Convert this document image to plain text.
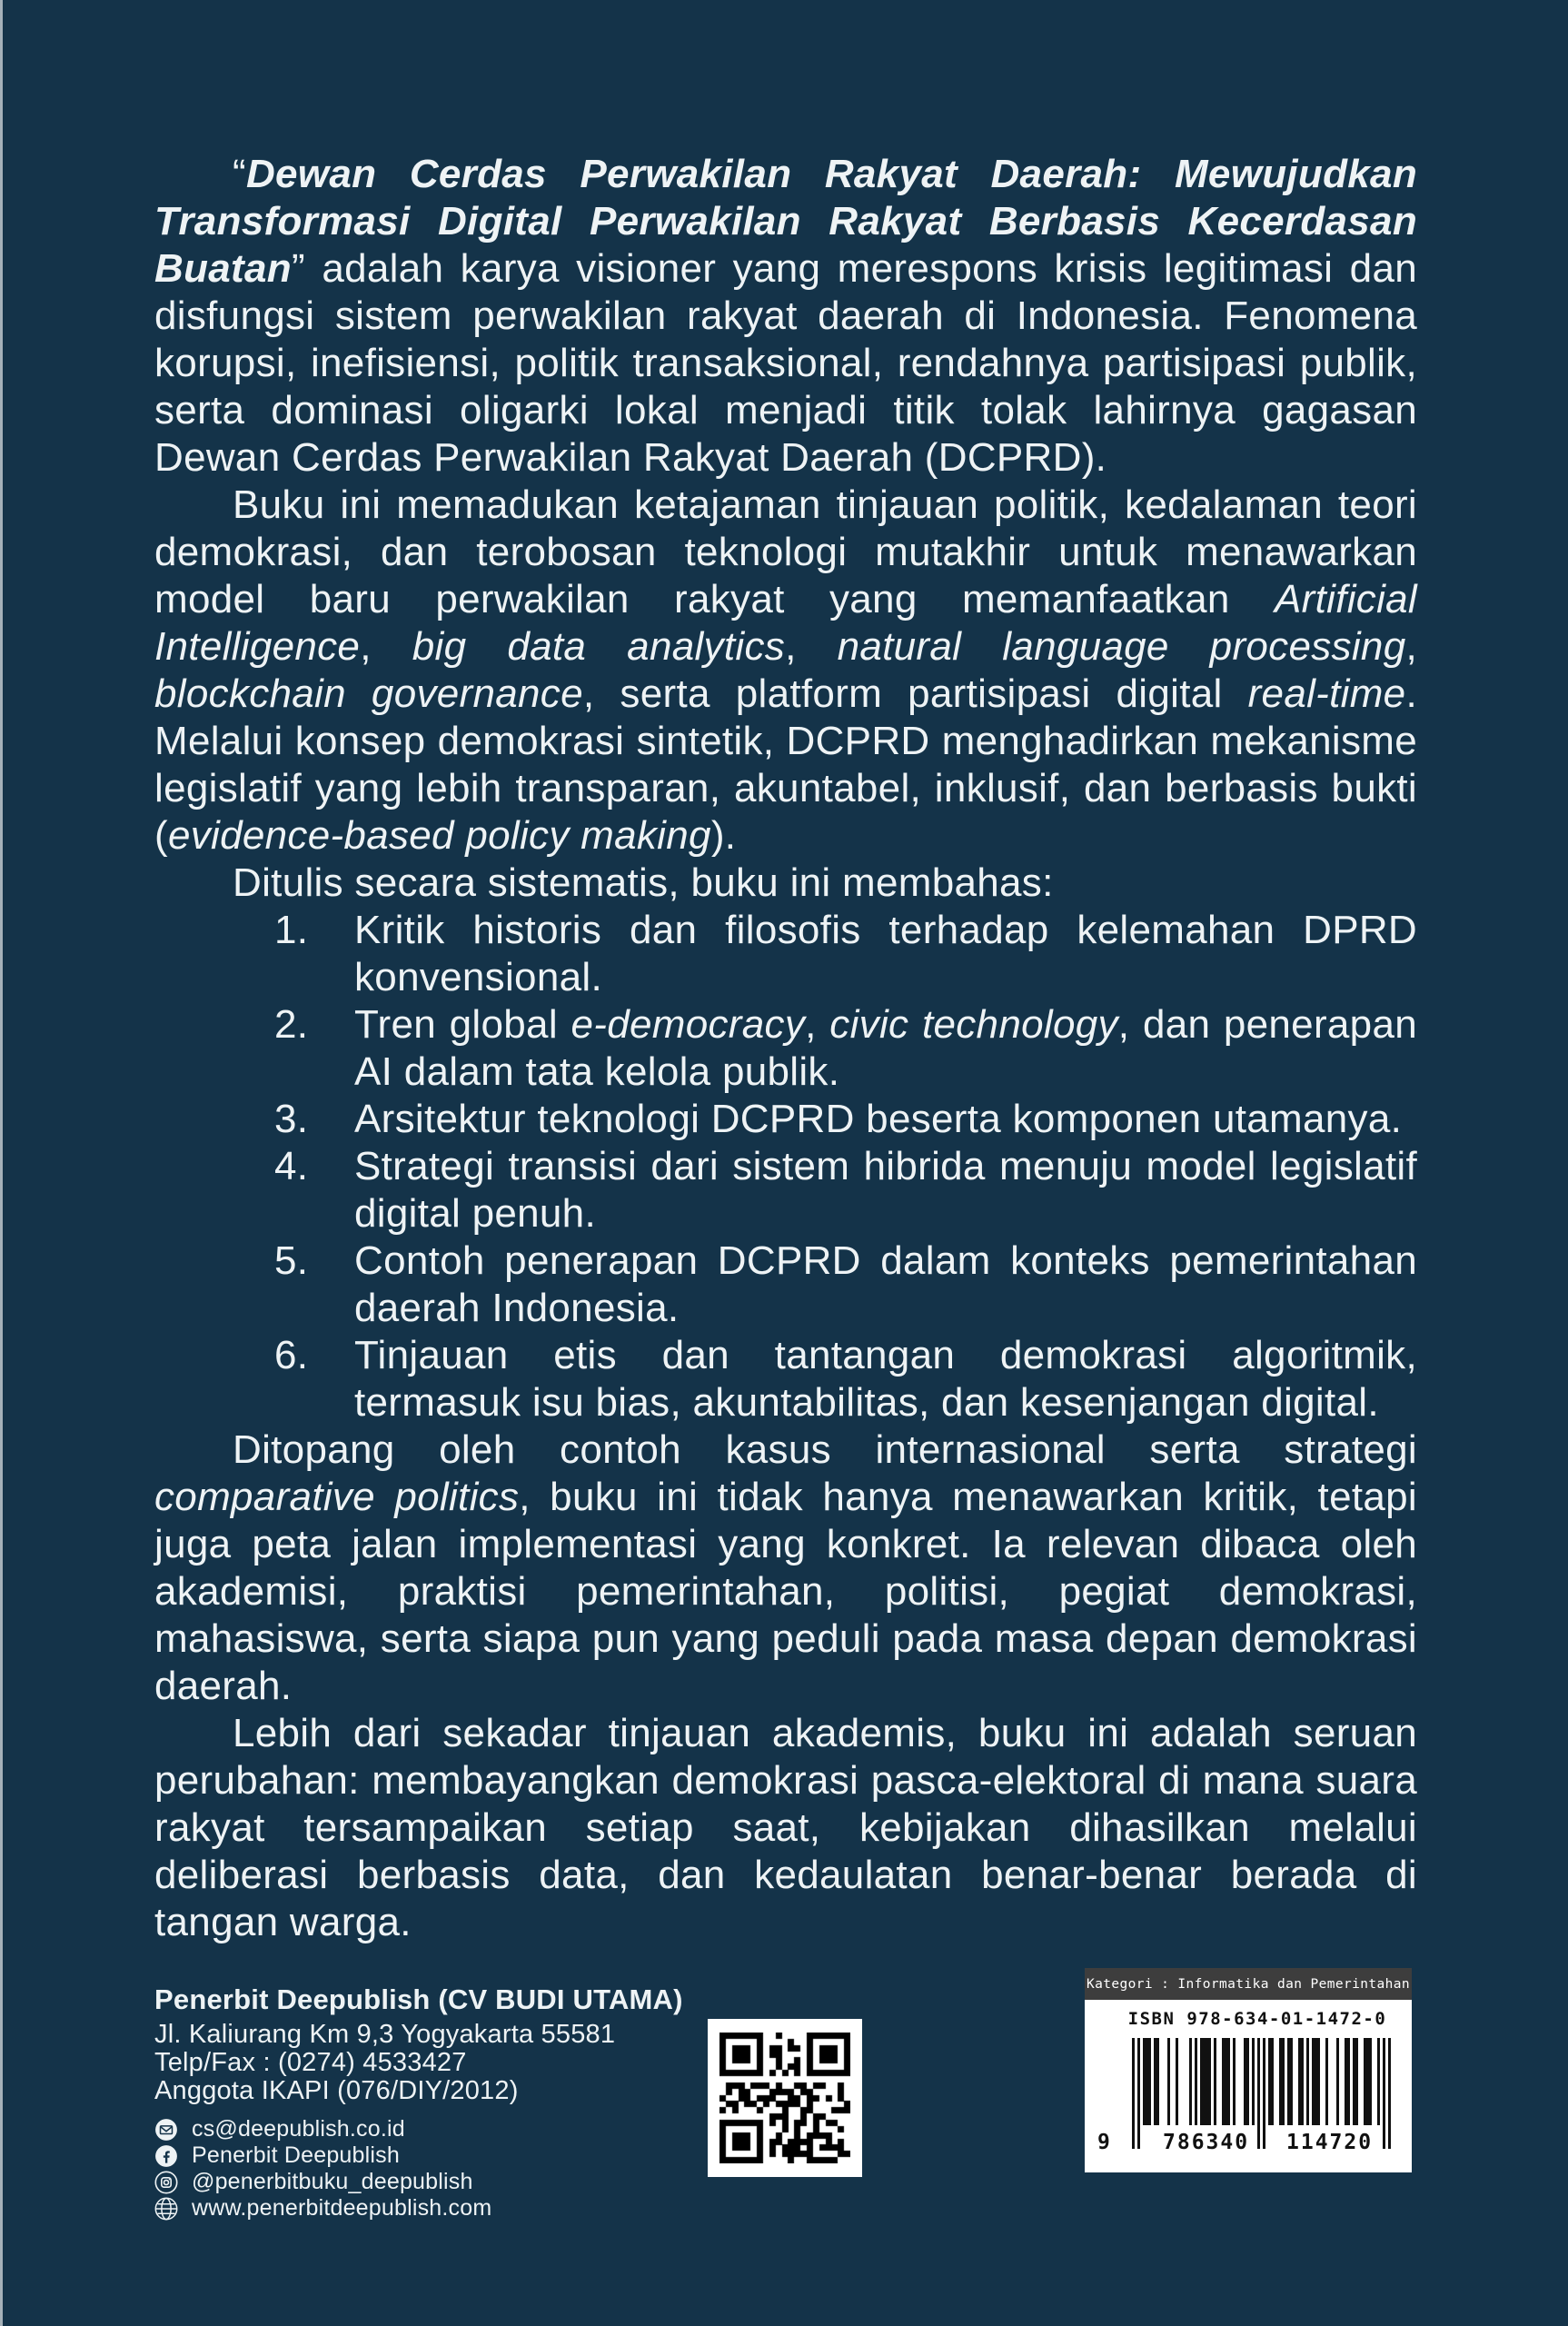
“Dewan Cerdas Perwakilan Rakyat Daerah: Mewujudkan Transformasi Digital Perwakilan Rakyat Berbasis Kecerdasan Buatan” adalah karya visioner yang merespons krisis legitimasi dan disfungsi sistem perwakilan rakyat daerah di Indonesia. Fenomena korupsi, inefisiensi, politik transaksional, rendahnya partisipasi publik, serta dominasi oligarki lokal menjadi titik tolak lahirnya gagasan Dewan Cerdas Perwakilan Rakyat Daerah (DCPRD).

Buku ini memadukan ketajaman tinjauan politik, kedalaman teori demokrasi, dan terobosan teknologi mutakhir untuk menawarkan model baru perwakilan rakyat yang memanfaatkan Artificial Intelligence, big data analytics, natural language processing, blockchain governance, serta platform partisipasi digital real-time. Melalui konsep demokrasi sintetik, DCPRD menghadirkan mekanisme legislatif yang lebih transparan, akuntabel, inklusif, dan berbasis bukti (evidence-based policy making).

Ditulis secara sistematis, buku ini membahas:

1.	Kritik historis dan filosofis terhadap kelemahan DPRD konvensional.
2.	Tren global e-democracy, civic technology, dan penerapan AI dalam tata kelola publik.
3.	Arsitektur teknologi DCPRD beserta komponen utamanya.
4.	Strategi transisi dari sistem hibrida menuju model legislatif digital penuh.
5.	Contoh penerapan DCPRD dalam konteks pemerintahan daerah Indonesia.
6.	Tinjauan etis dan tantangan demokrasi algoritmik, termasuk isu bias, akuntabilitas, dan kesenjangan digital.

Ditopang oleh contoh kasus internasional serta strategi comparative politics, buku ini tidak hanya menawarkan kritik, tetapi juga peta jalan implementasi yang konkret. Ia relevan dibaca oleh akademisi, praktisi pemerintahan, politisi, pegiat demokrasi, mahasiswa, serta siapa pun yang peduli pada masa depan demokrasi daerah.

Lebih dari sekadar tinjauan akademis, buku ini adalah seruan perubahan: membayangkan demokrasi pasca-elektoral di mana suara rakyat tersampaikan setiap saat, kebijakan dihasilkan melalui deliberasi berbasis data, dan kedaulatan benar-benar berada di tangan warga.

Penerbit Deepublish (CV BUDI UTAMA)
Jl. Kaliurang Km 9,3 Yogyakarta 55581
Telp/Fax : (0274) 4533427
Anggota IKAPI (076/DIY/2012)
cs@deepublish.co.id
Penerbit Deepublish
@penerbitbuku_deepublish
www.penerbitdeepublish.com
Kategori : Informatika dan Pemerintahan
ISBN 978-634-01-1472-0
9 786340 114720
